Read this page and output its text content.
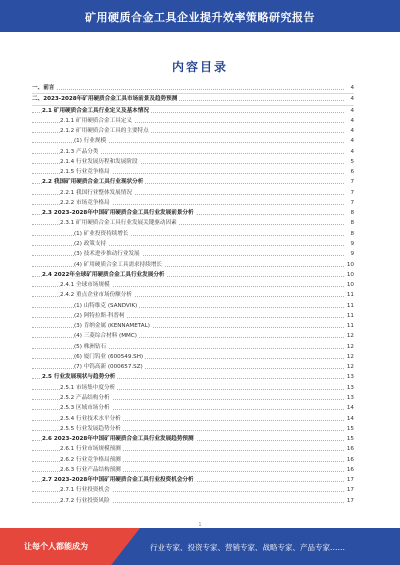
矿用硬质合金工具企业提升效率策略研究报告
内容目录
一、前言	4
二、2023-2028年矿用硬质合金工具市场前景及趋势预测	4
2.1 矿用硬质合金工具行业定义及基本情况	4
2.1.1 矿用硬质合金工具定义	4
2.1.2 矿用硬质合金工具的主要特点	4
(1) 行业规模	4
2.1.3 产品分类	4
2.1.4 行业发展历程和发展阶段	5
2.1.5 行业竞争格局	6
2.2 我国矿用硬质合金工具行业现状分析	7
2.2.1 我国行业整体发展情况	7
2.2.2 市场竞争格局	7
2.3 2023-2028年中国矿用硬质合金工具行业发展前景分析	8
2.3.1 矿用硬质合金工具行业发展关键驱动因素	8
(1) 矿业投资持续增长	8
(2) 政策支持	9
(3) 技术进步推动行业发展	9
(4) 矿用硬质合金工具需求持续增长	10
2.4 2022年全球矿用硬质合金工具行业发展分析	10
2.4.1 全球市场规模	10
2.4.2 重点企业市场份额分析	11
(1) 山特维克 (SANDVIK)	11
(2) 阿特拉斯·科普柯	11
(3) 肯纳金属 (KENNAMETAL)	11
(4) 三菱综合材料 (MMC)	12
(5) 株洲钻石	12
(6) 厦门钨业 (600549.SH)	12
(7) 中钨高新 (000657.SZ)	12
2.5 行业发展现状与趋势分析	13
2.5.1 市场集中度分析	13
2.5.2 产品结构分析	13
2.5.3 区域市场分析	14
2.5.4 行业技术水平分析	14
2.5.5 行业发展趋势分析	15
2.6 2023-2028年中国矿用硬质合金工具行业发展趋势预测	15
2.6.1 行业市场规模预测	16
2.6.2 行业竞争格局预测	16
2.6.3 行业产品结构预测	16
2.7 2023-2028年中国矿用硬质合金工具行业投资机会分析	17
2.7.1 行业投资机会	17
2.7.2 行业投资风险	17
1
让每个人都能成为	行业专家、投资专家、营销专家、战略专家、产品专家……
